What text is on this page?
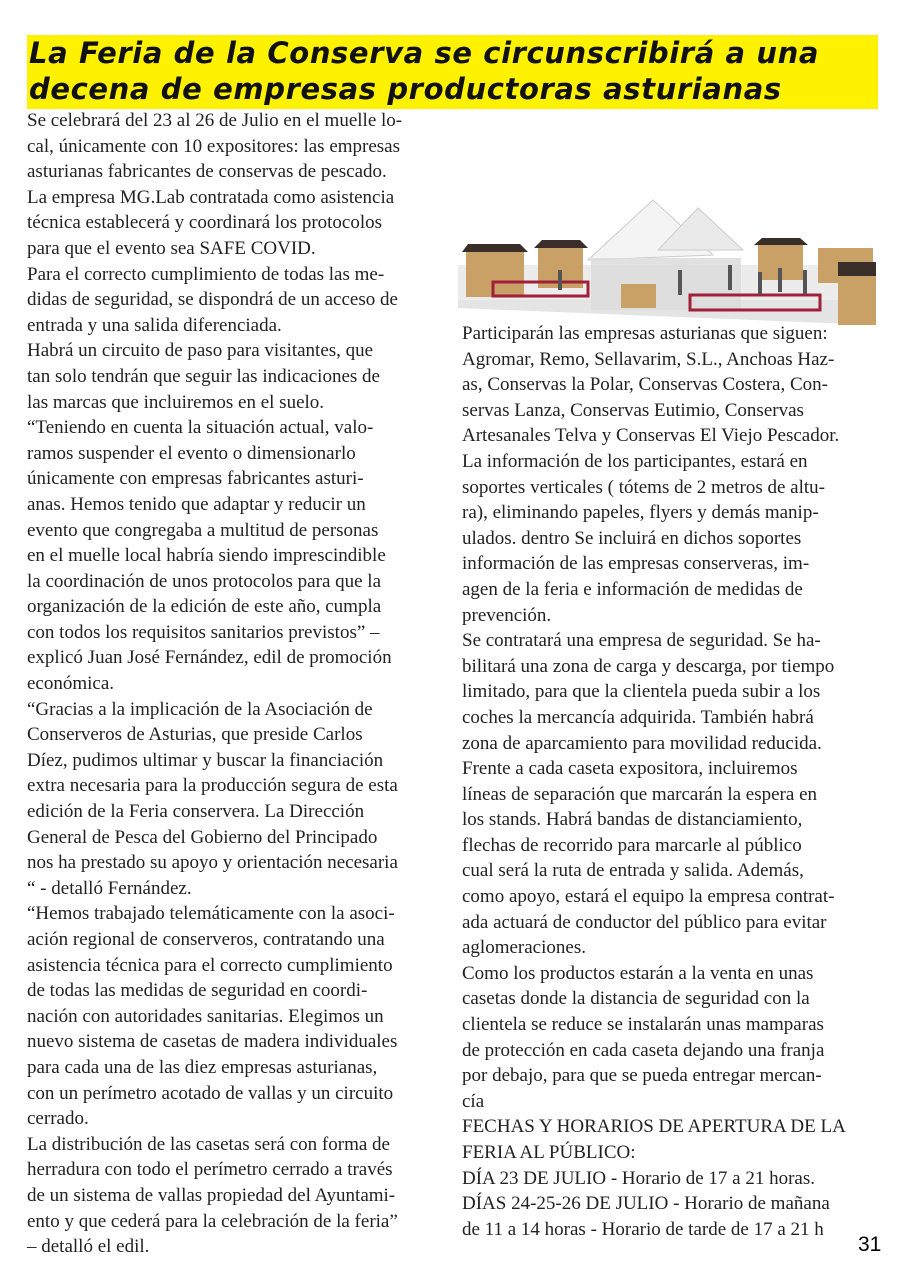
La Feria de la Conserva se circunscribirá a una
decena de empresas productoras asturianas
Se celebrará del 23 al 26 de Julio en el muelle lo-
cal, únicamente con 10 expositores: las empresas
asturianas fabricantes de conservas de pescado.
La empresa MG.Lab contratada como asistencia
técnica establecerá y coordinará los protocolos
para que el evento sea SAFE COVID.
Para el correcto cumplimiento de todas las me-
didas de seguridad, se dispondrá de un acceso de
entrada y una salida diferenciada.
Habrá un circuito de paso para visitantes, que
tan solo tendrán que seguir las indicaciones de
las marcas que incluiremos en el suelo.
“Teniendo en cuenta la situación actual, valo-
ramos suspender el evento o dimensionarlo
únicamente con empresas fabricantes asturi-
anas. Hemos tenido que adaptar y reducir un
evento que congregaba a multitud de personas
en el muelle local habría siendo imprescindible
la coordinación de unos protocolos para que la
organización de la edición de este año, cumpla
con todos los requisitos sanitarios previstos” –
explicó Juan José Fernández, edil de promoción
económica.
“Gracias a la implicación de la Asociación de
Conserveros de Asturias, que preside Carlos
Díez, pudimos ultimar y buscar la financiación
extra necesaria para la producción segura de esta
edición de la Feria conservera. La Dirección
General de Pesca del Gobierno del Principado
nos ha prestado su apoyo y orientación necesaria
“ - detalló Fernández.
“Hemos trabajado telemáticamente con la asoci-
ación regional de conserveros, contratando una
asistencia técnica para el correcto cumplimiento
de todas las medidas de seguridad en coordi-
nación con autoridades sanitarias. Elegimos un
nuevo sistema de casetas de madera individuales
para cada una de las diez empresas asturianas,
con un perímetro acotado de vallas y un circuito
cerrado.
La distribución de las casetas será con forma de
herradura con todo el perímetro cerrado a través
de un sistema de vallas propiedad del Ayuntami-
ento y que cederá para la celebración de la feria”
– detalló el edil.
Participarán las empresas asturianas que siguen:
Agromar, Remo, Sellavarim, S.L., Anchoas Haz-
as, Conservas la Polar, Conservas Costera, Con-
servas Lanza, Conservas Eutimio, Conservas
Artesanales Telva y Conservas El Viejo Pescador.
La información de los participantes, estará en
soportes verticales ( tótems de 2 metros de altu-
ra), eliminando papeles, flyers y demás manip-
ulados. dentro Se incluirá en dichos soportes
información de las empresas conserveras, im-
agen de la feria e información de medidas de
prevención.
Se contratará una empresa de seguridad. Se ha-
bilitará una zona de carga y descarga, por tiempo
limitado, para que la clientela pueda subir a los
coches la mercancía adquirida. También habrá
zona de aparcamiento para movilidad reducida.
Frente a cada caseta expositora, incluiremos
líneas de separación que marcarán la espera en
los stands. Habrá bandas de distanciamiento,
flechas de recorrido para marcarle al público
cual será la ruta de entrada y salida. Además,
como apoyo, estará el equipo la empresa contrat-
ada actuará de conductor del público para evitar
aglomeraciones.
Como los productos estarán a la venta en unas
casetas donde la distancia de seguridad con la
clientela se reduce se instalarán unas mamparas
de protección en cada caseta dejando una franja
por debajo, para que se pueda entregar mercan-
cía
FECHAS Y HORARIOS DE APERTURA DE LA
FERIA AL PÚBLICO:
DÍA 23 DE JULIO - Horario de 17 a 21 horas.
DÍAS 24-25-26 DE JULIO - Horario de mañana
de 11 a 14 horas - Horario de tarde de 17 a 21 h
31
